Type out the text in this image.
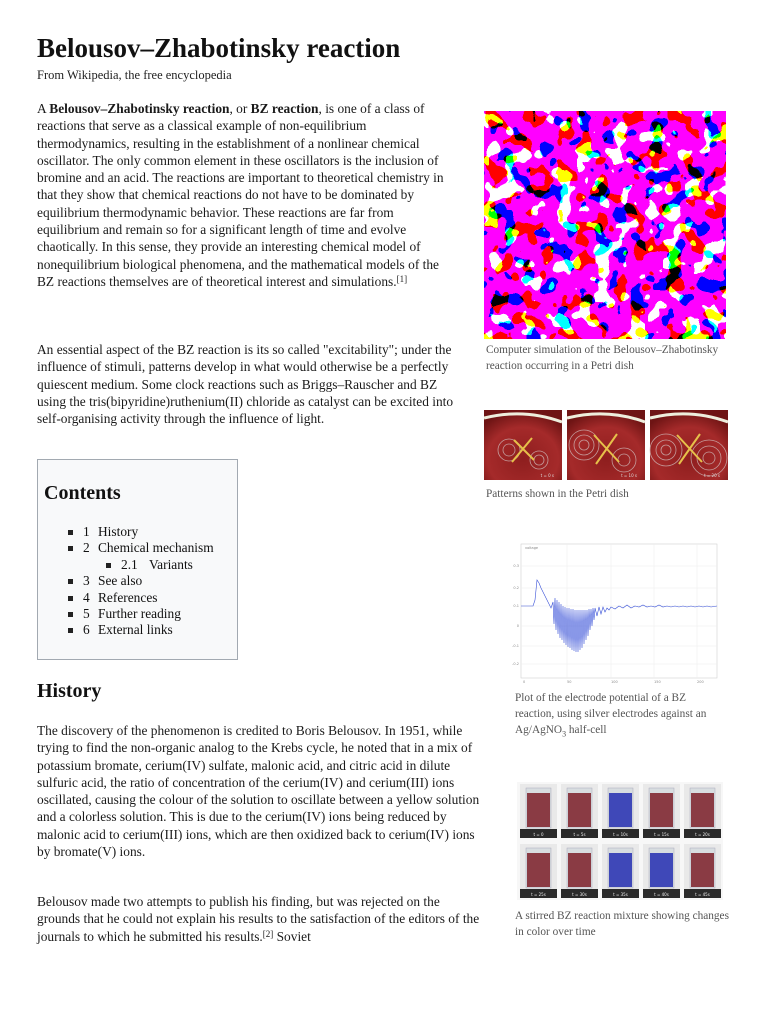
Belousov–Zhabotinsky reaction
From Wikipedia, the free encyclopedia

A Belousov–Zhabotinsky reaction, or BZ reaction, is one of a class of reactions that serve as a classical example of non-equilibrium thermodynamics, resulting in the establishment of a nonlinear chemical oscillator. The only common element in these oscillators is the inclusion of bromine and an acid. The reactions are important to theoretical chemistry in that they show that chemical reactions do not have to be dominated by equilibrium thermodynamic behavior. These reactions are far from equilibrium and remain so for a significant length of time and evolve chaotically. In this sense, they provide an interesting chemical model of nonequilibrium biological phenomena, and the mathematical models of the BZ reactions themselves are of theoretical interest and simulations.[1]

An essential aspect of the BZ reaction is its so called "excitability"; under the influence of stimuli, patterns develop in what would otherwise be a perfectly quiescent medium. Some clock reactions such as Briggs–Rauscher and BZ using the tris(bipyridine)ruthenium(II) chloride as catalyst can be excited into self-organising activity through the influence of light.

Contents
1 History
2 Chemical mechanism
2.1 Variants
3 See also
4 References
5 Further reading
6 External links
History

The discovery of the phenomenon is credited to Boris Belousov. In 1951, while trying to find the non-organic analog to the Krebs cycle, he noted that in a mix of potassium bromate, cerium(IV) sulfate, malonic acid, and citric acid in dilute sulfuric acid, the ratio of concentration of the cerium(IV) and cerium(III) ions oscillated, causing the colour of the solution to oscillate between a yellow solution and a colorless solution. This is due to the cerium(IV) ions being reduced by malonic acid to cerium(III) ions, which are then oxidized back to cerium(IV) ions by bromate(V) ions.

Belousov made two attempts to publish his finding, but was rejected on the grounds that he could not explain his results to the satisfaction of the editors of the journals to which he submitted his results.[2] Soviet

Computer simulation of the Belousov–Zhabotinsky reaction occurring in a Petri dish
t = 0 s	t = 10 s	t = 20 s
Patterns shown in the Petri dish
0.3
0.2
0.1
0
-0.1
-0.2
0	50	100	150	200
voltage
Plot of the electrode potential of a BZ reaction, using silver electrodes against an Ag/AgNO$_3$ half-cell
t = 0	t = 5s	t = 10s	t = 15s	t = 20s
t = 25s	t = 30s	t = 35s	t = 40s	t = 45s
A stirred BZ reaction mixture showing changes in color over time
